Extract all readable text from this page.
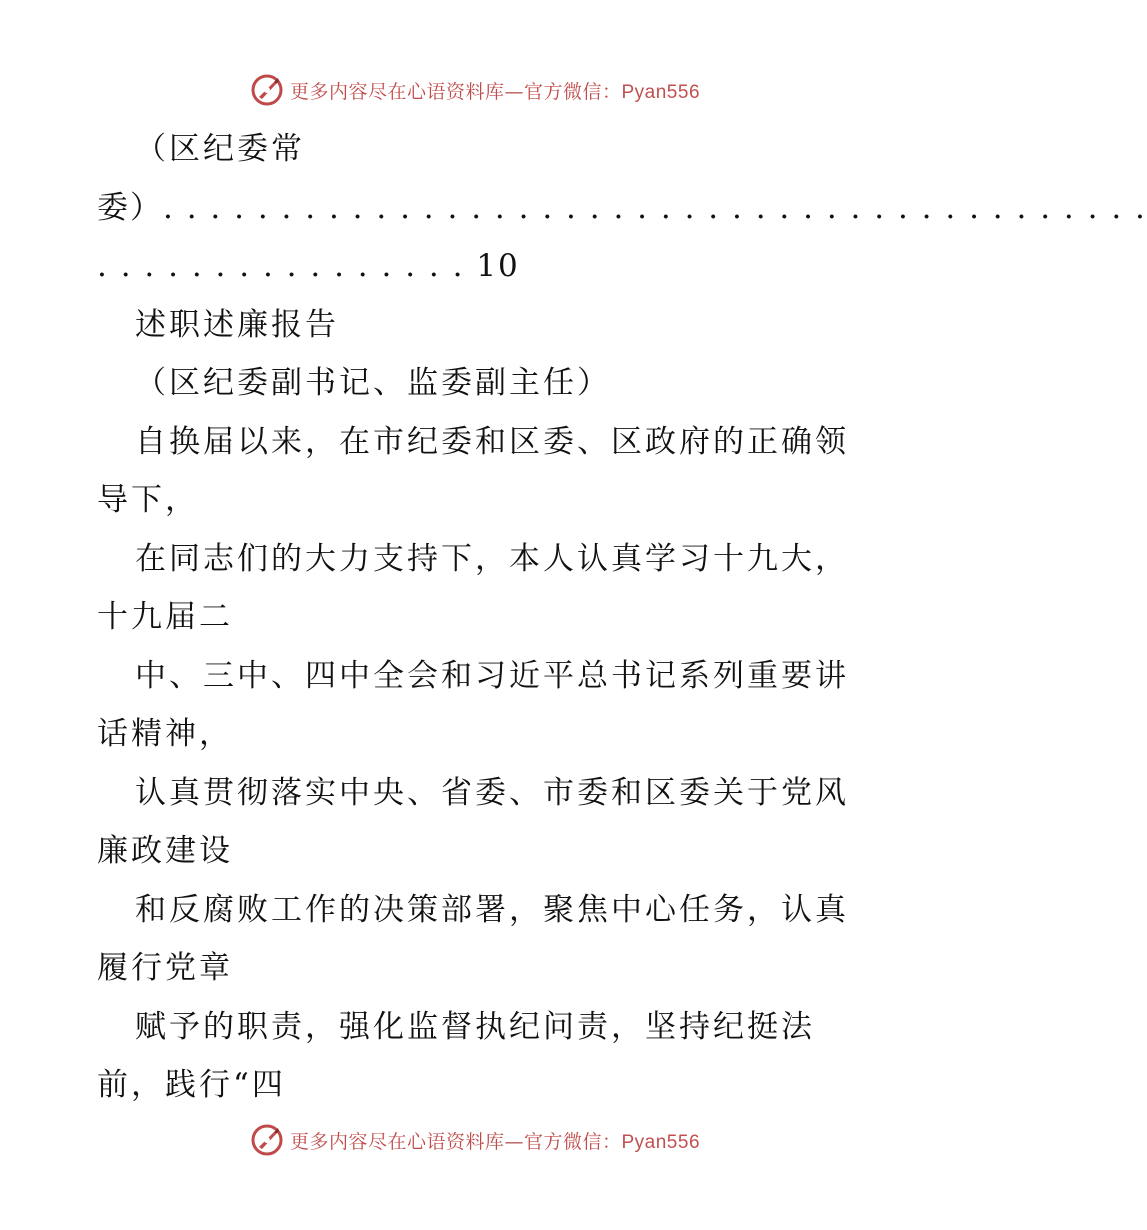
更多内容尽在心语资料库—官方微信：Pyan556
（区纪委常
委）. . . . . . . . . . . . . . . . . . . . . . . . . . . . . . . . . . . . . . . . . .
. . . . . . . . . . . . . . . . 10
述职述廉报告
（区纪委副书记、监委副主任）
自换届以来，在市纪委和区委、区政府的正确领
导下，
在同志们的大力支持下，本人认真学习十九大，
十九届二
中、三中、四中全会和习近平总书记系列重要讲
话精神，
认真贯彻落实中央、省委、市委和区委关于党风
廉政建设
和反腐败工作的决策部署，聚焦中心任务，认真
履行党章
赋予的职责，强化监督执纪问责，坚持纪挺法
前，践行“四
更多内容尽在心语资料库—官方微信：Pyan556
